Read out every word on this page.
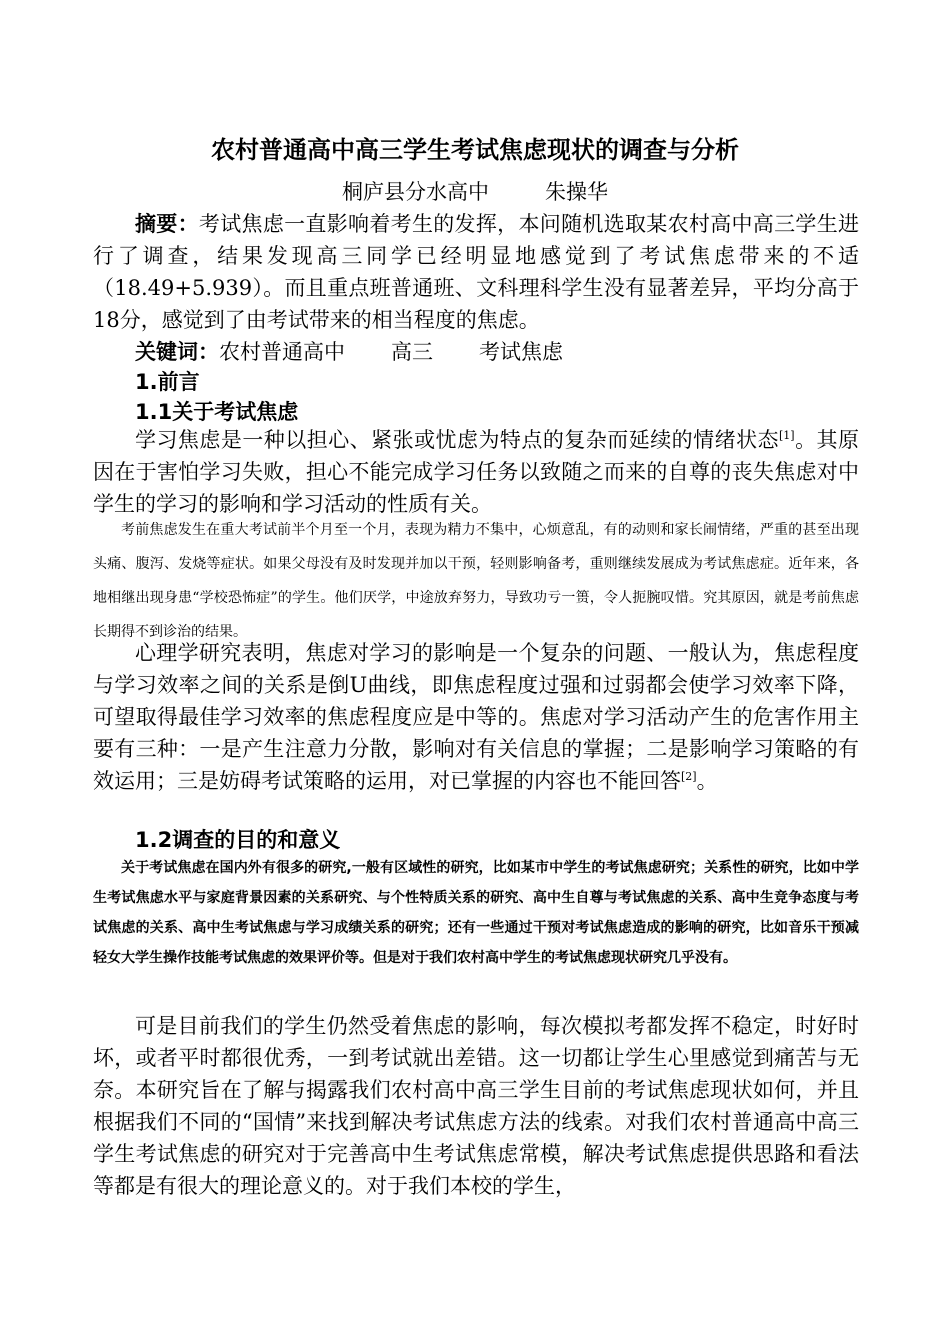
农村普通高中高三学生考试焦虑现状的调查与分析
桐庐县分水高中	朱操华

摘要：考试焦虑一直影响着考生的发挥，本问随机选取某农村高中高三学生进行了调查，结果发现高三同学已经明显地感觉到了考试焦虑带来的不适（18.49+5.939）。而且重点班普通班、文科理科学生没有显著差异，平均分高于18分，感觉到了由考试带来的相当程度的焦虑。

关键词：农村普通高中 高三 考试焦虑
1.前言
1.1关于考试焦虑

学习焦虑是一种以担心、紧张或忧虑为特点的复杂而延续的情绪状态[1]。其原因在于害怕学习失败，担心不能完成学习任务以致随之而来的自尊的丧失焦虑对中学生的学习的影响和学习活动的性质有关。

考前焦虑发生在重大考试前半个月至一个月，表现为精力不集中，心烦意乱，有的动则和家长闹情绪，严重的甚至出现头痛、腹泻、发烧等症状。如果父母没有及时发现并加以干预，轻则影响备考，重则继续发展成为考试焦虑症。近年来，各地相继出现身患“学校恐怖症”的学生。他们厌学，中途放弃努力，导致功亏一篑，令人扼腕叹惜。究其原因，就是考前焦虑长期得不到诊治的结果。

心理学研究表明，焦虑对学习的影响是一个复杂的问题、一般认为，焦虑程度与学习效率之间的关系是倒U曲线，即焦虑程度过强和过弱都会使学习效率下降，可望取得最佳学习效率的焦虑程度应是中等的。焦虑对学习活动产生的危害作用主要有三种：一是产生注意力分散，影响对有关信息的掌握；二是影响学习策略的有效运用；三是妨碍考试策略的运用，对已掌握的内容也不能回答[2]。

1.2调查的目的和意义

关于考试焦虑在国内外有很多的研究,一般有区域性的研究，比如某市中学生的考试焦虑研究；关系性的研究，比如中学生考试焦虑水平与家庭背景因素的关系研究、与个性特质关系的研究、高中生自尊与考试焦虑的关系、高中生竞争态度与考试焦虑的关系、高中生考试焦虑与学习成绩关系的研究；还有一些通过干预对考试焦虑造成的影响的研究，比如音乐干预减轻女大学生操作技能考试焦虑的效果评价等。但是对于我们农村高中学生的考试焦虑现状研究几乎没有。

可是目前我们的学生仍然受着焦虑的影响，每次模拟考都发挥不稳定，时好时坏，或者平时都很优秀，一到考试就出差错。这一切都让学生心里感觉到痛苦与无奈。本研究旨在了解与揭露我们农村高中高三学生目前的考试焦虑现状如何，并且根据我们不同的“国情”来找到解决考试焦虑方法的线索。对我们农村普通高中高三学生考试焦虑的研究对于完善高中生考试焦虑常模，解决考试焦虑提供思路和看法等都是有很大的理论意义的。对于我们本校的学生，
